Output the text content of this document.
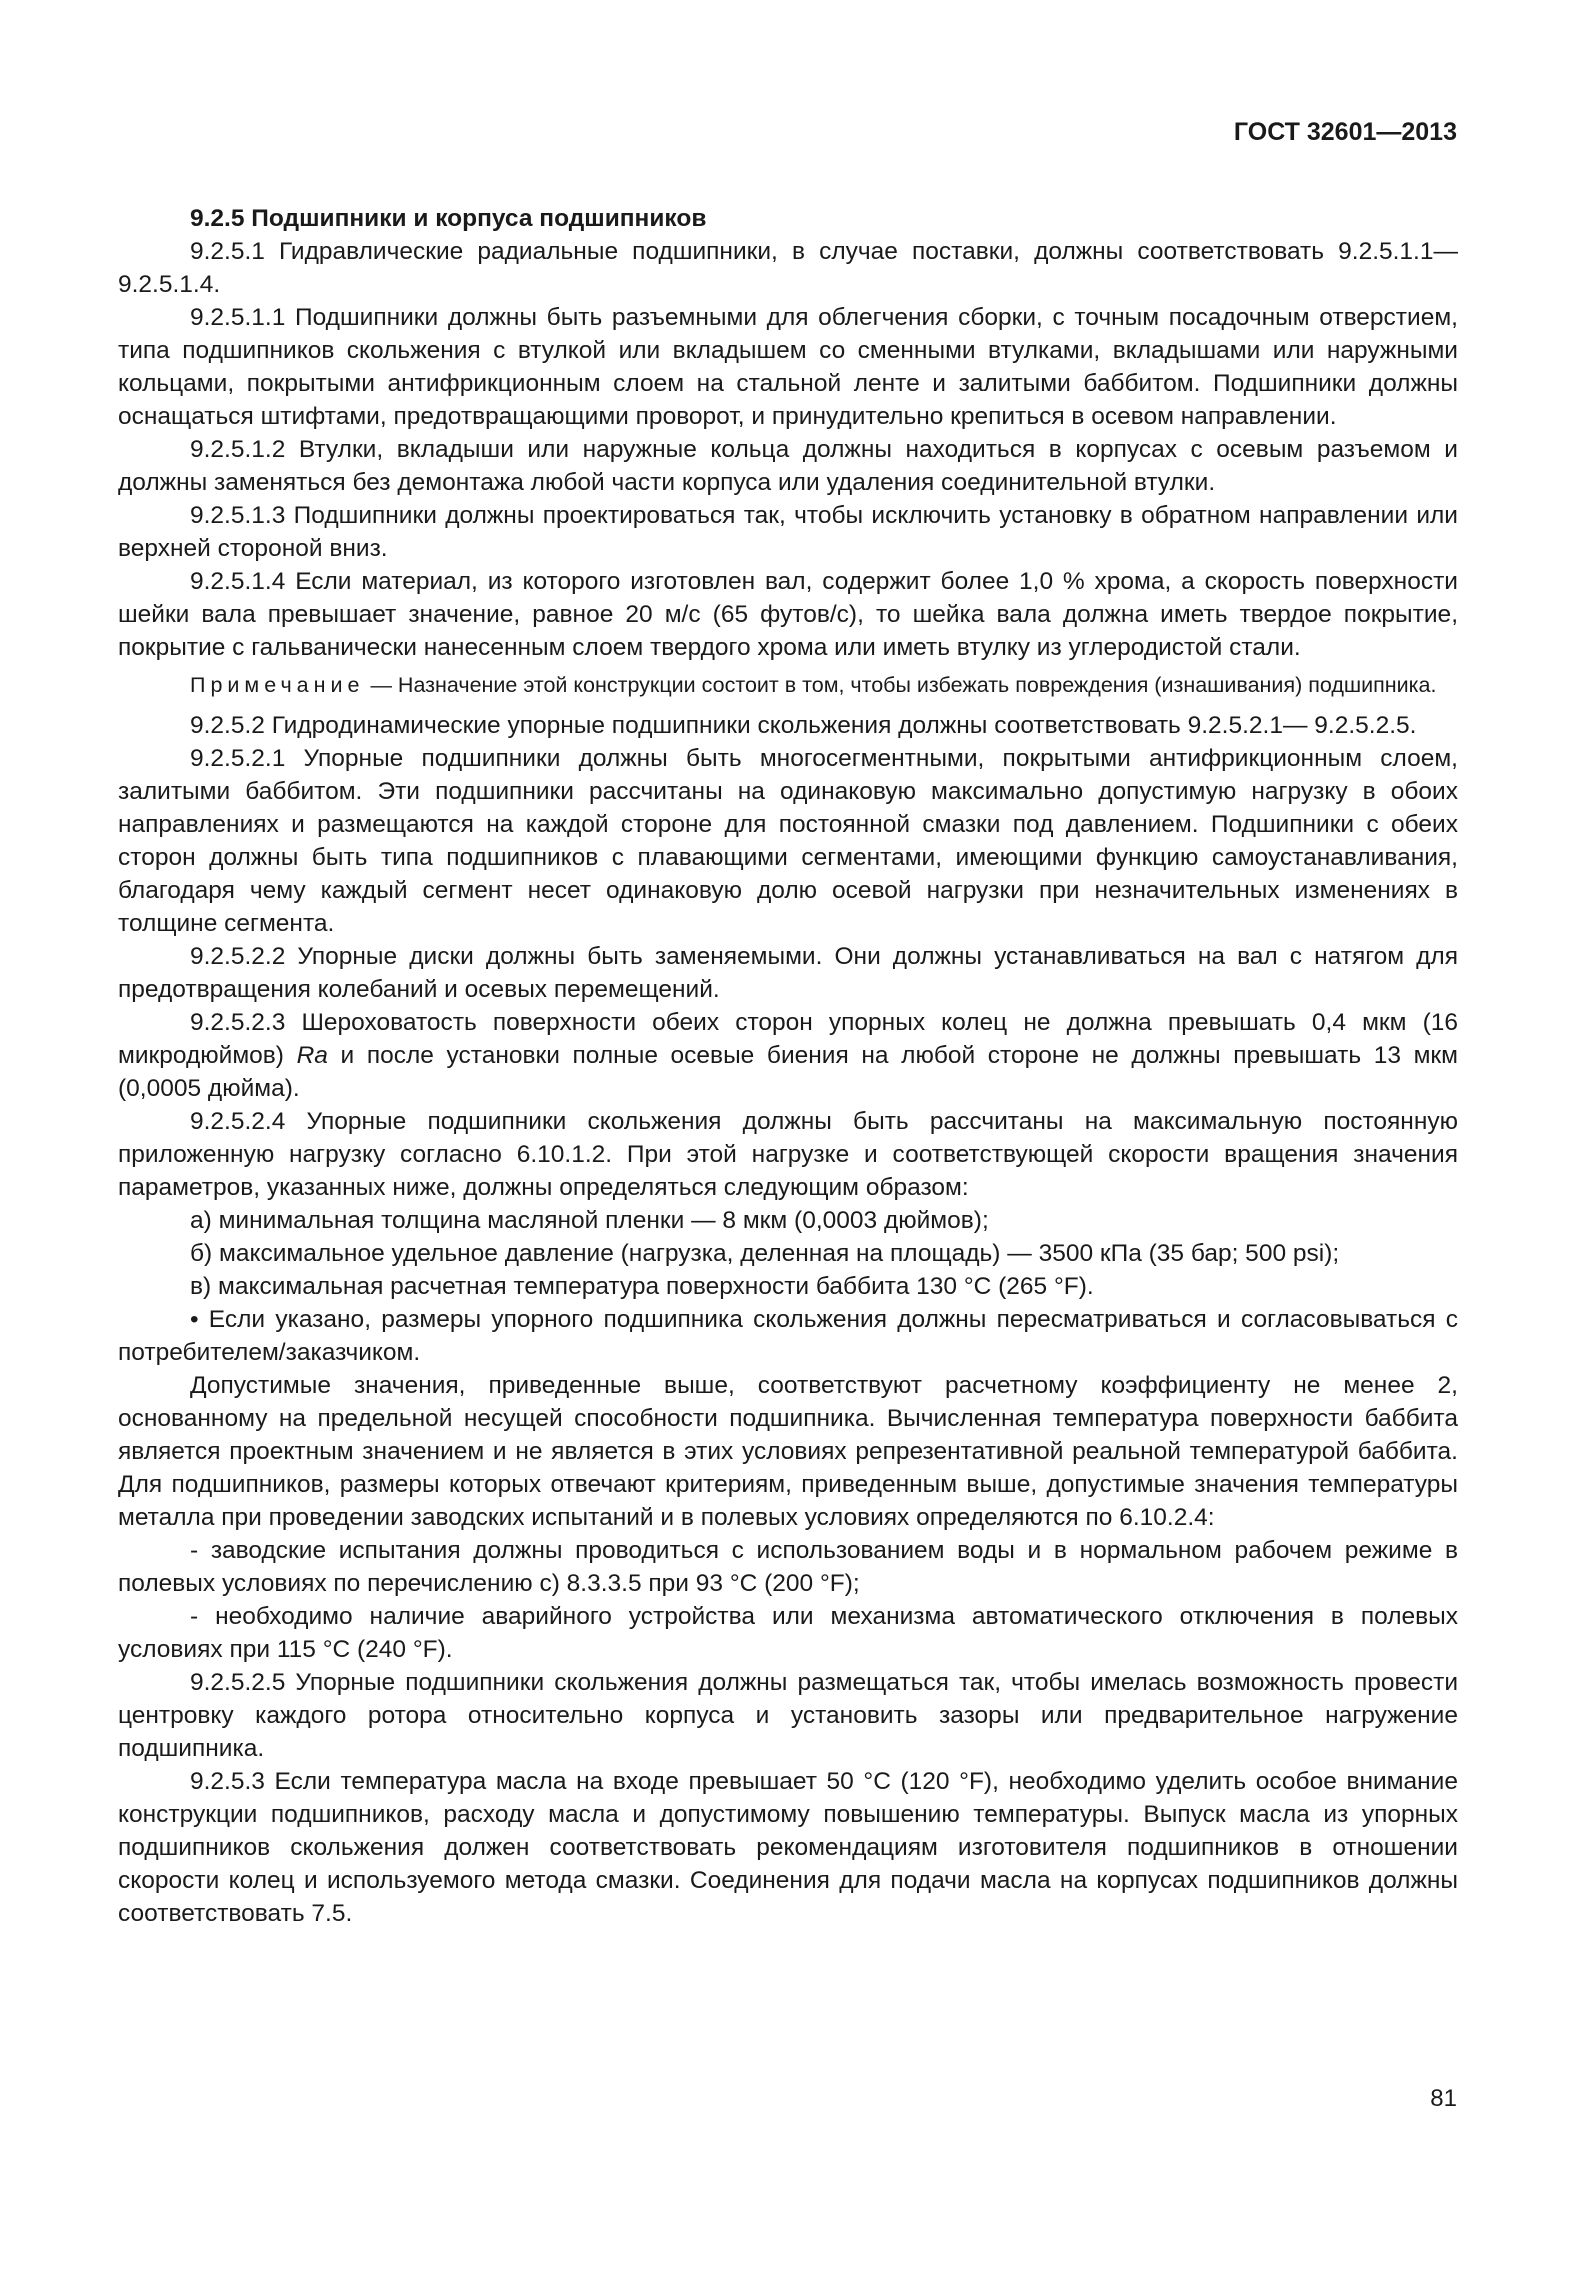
ГОСТ 32601—2013

9.2.5 Подшипники и корпуса подшипников

9.2.5.1 Гидравлические радиальные подшипники, в случае поставки, должны соответствовать 9.2.5.1.1—9.2.5.1.4.

9.2.5.1.1 Подшипники должны быть разъемными для облегчения сборки, с точным посадочным отверстием, типа подшипников скольжения с втулкой или вкладышем со сменными втулками, вкладышами или наружными кольцами, покрытыми антифрикционным слоем на стальной ленте и залитыми баббитом. Подшипники должны оснащаться штифтами, предотвращающими проворот, и принудительно крепиться в осевом направлении.

9.2.5.1.2 Втулки, вкладыши или наружные кольца должны находиться в корпусах с осевым разъемом и должны заменяться без демонтажа любой части корпуса или удаления соединительной втулки.

9.2.5.1.3 Подшипники должны проектироваться так, чтобы исключить установку в обратном направлении или верхней стороной вниз.

9.2.5.1.4 Если материал, из которого изготовлен вал, содержит более 1,0 % хрома, а скорость поверхности шейки вала превышает значение, равное 20 м/с (65 футов/с), то шейка вала должна иметь твердое покрытие, покрытие с гальванически нанесенным слоем твердого хрома или иметь втулку из углеродистой стали.

Примечание — Назначение этой конструкции состоит в том, чтобы избежать повреждения (изнашивания) подшипника.

9.2.5.2 Гидродинамические упорные подшипники скольжения должны соответствовать 9.2.5.2.1— 9.2.5.2.5.

9.2.5.2.1 Упорные подшипники должны быть многосегментными, покрытыми антифрикционным слоем, залитыми баббитом. Эти подшипники рассчитаны на одинаковую максимально допустимую нагрузку в обоих направлениях и размещаются на каждой стороне для постоянной смазки под давлением. Подшипники с обеих сторон должны быть типа подшипников с плавающими сегментами, имеющими функцию самоустанавливания, благодаря чему каждый сегмент несет одинаковую долю осевой нагрузки при незначительных изменениях в толщине сегмента.

9.2.5.2.2 Упорные диски должны быть заменяемыми. Они должны устанавливаться на вал с натягом для предотвращения колебаний и осевых перемещений.

9.2.5.2.3 Шероховатость поверхности обеих сторон упорных колец не должна превышать 0,4 мкм (16 микродюймов) Ra и после установки полные осевые биения на любой стороне не должны превышать 13 мкм (0,0005 дюйма).

9.2.5.2.4 Упорные подшипники скольжения должны быть рассчитаны на максимальную постоянную приложенную нагрузку согласно 6.10.1.2. При этой нагрузке и соответствующей скорости вращения значения параметров, указанных ниже, должны определяться следующим образом:

а) минимальная толщина масляной пленки — 8 мкм (0,0003 дюймов);

б) максимальное удельное давление (нагрузка, деленная на площадь) — 3500 кПа (35 бар; 500 psi);

в) максимальная расчетная температура поверхности баббита 130 °С (265 °F).

• Если указано, размеры упорного подшипника скольжения должны пересматриваться и согласовываться с потребителем/заказчиком.

Допустимые значения, приведенные выше, соответствуют расчетному коэффициенту не менее 2, основанному на предельной несущей способности подшипника. Вычисленная температура поверхности баббита является проектным значением и не является в этих условиях репрезентативной реальной температурой баббита. Для подшипников, размеры которых отвечают критериям, приведенным выше, допустимые значения температуры металла при проведении заводских испытаний и в полевых условиях определяются по 6.10.2.4:

- заводские испытания должны проводиться с использованием воды и в нормальном рабочем режиме в полевых условиях по перечислению с) 8.3.3.5 при 93 °С (200 °F);

- необходимо наличие аварийного устройства или механизма автоматического отключения в полевых условиях при 115 °С (240 °F).

9.2.5.2.5 Упорные подшипники скольжения должны размещаться так, чтобы имелась возможность провести центровку каждого ротора относительно корпуса и установить зазоры или предварительное нагружение подшипника.

9.2.5.3 Если температура масла на входе превышает 50 °С (120 °F), необходимо уделить особое внимание конструкции подшипников, расходу масла и допустимому повышению температуры. Выпуск масла из упорных подшипников скольжения должен соответствовать рекомендациям изготовителя подшипников в отношении скорости колец и используемого метода смазки. Соединения для подачи масла на корпусах подшипников должны соответствовать 7.5.

81
